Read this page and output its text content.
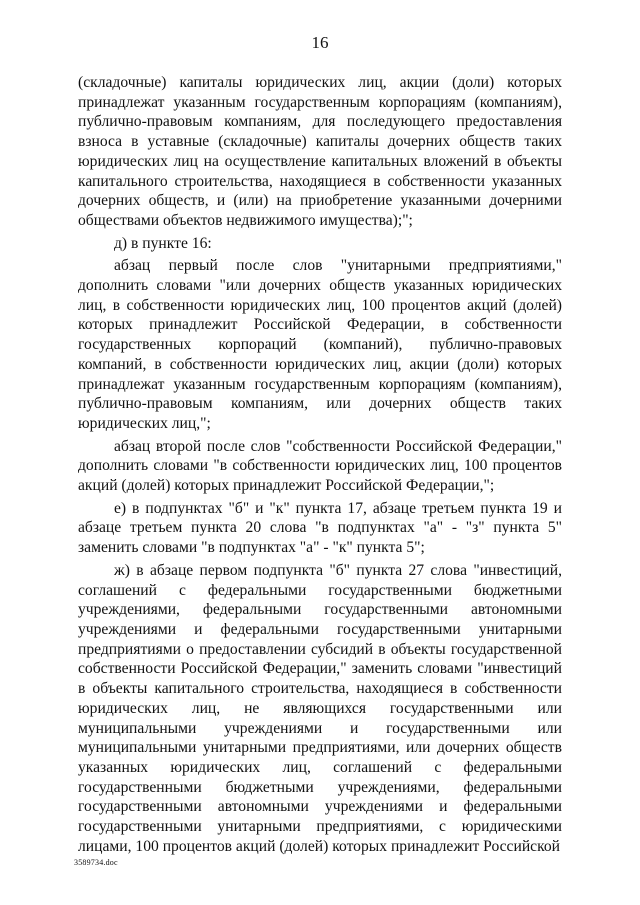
16

(складочные) капиталы юридических лиц, акции (доли) которых принадлежат указанным государственным корпорациям (компаниям), публично-правовым компаниям, для последующего предоставления взноса в уставные (складочные) капиталы дочерних обществ таких юридических лиц на осуществление капитальных вложений в объекты капитального строительства, находящиеся в собственности указанных дочерних обществ, и (или) на приобретение указанными дочерними обществами объектов недвижимого имущества);";

д) в пункте 16:

абзац первый после слов "унитарными предприятиями," дополнить словами "или дочерних обществ указанных юридических лиц, в собственности юридических лиц, 100 процентов акций (долей) которых принадлежит Российской Федерации, в собственности государственных корпораций (компаний), публично-правовых компаний, в собственности юридических лиц, акции (доли) которых принадлежат указанным государственным корпорациям (компаниям), публично-правовым компаниям, или дочерних обществ таких юридических лиц,";

абзац второй после слов "собственности Российской Федерации," дополнить словами "в собственности юридических лиц, 100 процентов акций (долей) которых принадлежит Российской Федерации,";

е) в подпунктах "б" и "к" пункта 17, абзаце третьем пункта 19 и абзаце третьем пункта 20 слова "в подпунктах "а" - "з" пункта 5" заменить словами "в подпунктах "а" - "к" пункта 5";

ж) в абзаце первом подпункта "б" пункта 27 слова "инвестиций, соглашений с федеральными государственными бюджетными учреждениями, федеральными государственными автономными учреждениями и федеральными государственными унитарными предприятиями о предоставлении субсидий в объекты государственной собственности Российской Федерации," заменить словами "инвестиций в объекты капитального строительства, находящиеся в собственности юридических лиц, не являющихся государственными или муниципальными учреждениями и государственными или муниципальными унитарными предприятиями, или дочерних обществ указанных юридических лиц, соглашений с федеральными государственными бюджетными учреждениями, федеральными государственными автономными учреждениями и федеральными государственными унитарными предприятиями, с юридическими лицами, 100 процентов акций (долей) которых принадлежит Российской

3589734.doc
